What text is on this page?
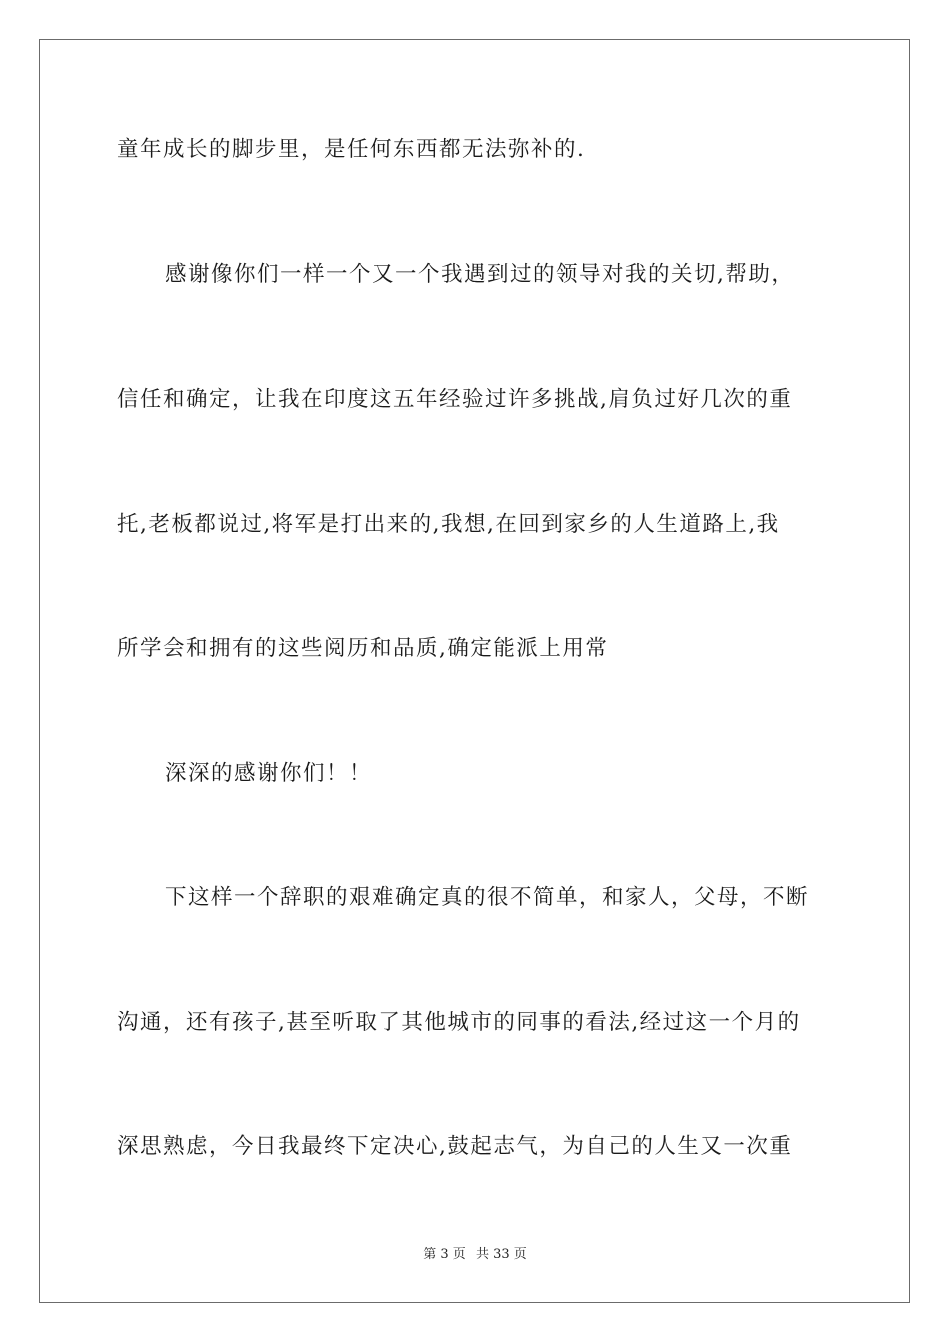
童年成长的脚步里，是任何东西都无法弥补的.
感谢像你们一样一个又一个我遇到过的领导对我的关切,帮助，
信任和确定，让我在印度这五年经验过许多挑战,肩负过好几次的重
托,老板都说过,将军是打出来的,我想,在回到家乡的人生道路上,我
所学会和拥有的这些阅历和品质,确定能派上用常
深深的感谢你们！！
下这样一个辞职的艰难确定真的很不简单，和家人，父母，不断
沟通，还有孩子,甚至听取了其他城市的同事的看法,经过这一个月的
深思熟虑，今日我最终下定决心,鼓起志气，为自己的人生又一次重
第 3 页 共 33 页
